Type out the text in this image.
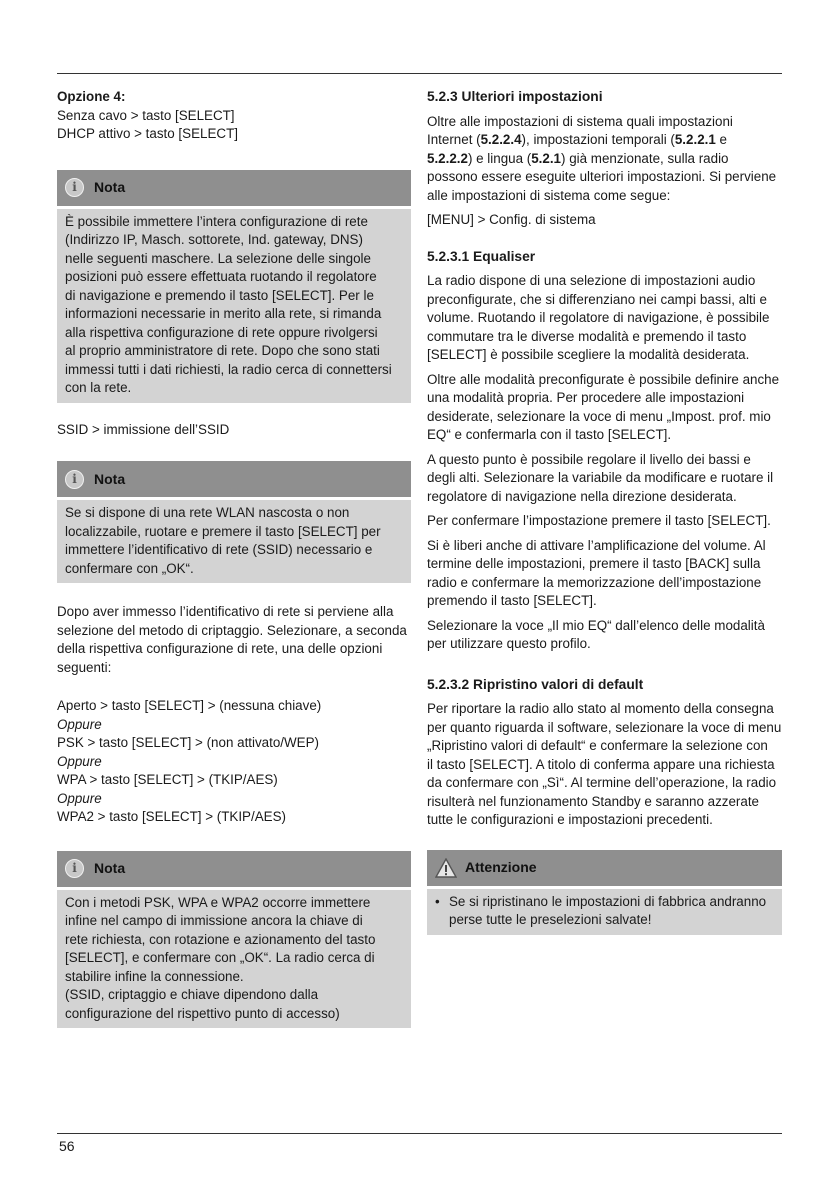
Opzione 4:

Senza cavo > tasto [SELECT]

DHCP attivo > tasto [SELECT]

i	Nota

È possibile immettere l’intera configurazione di rete

(Indirizzo IP, Masch. sottorete, Ind. gateway, DNS)

nelle seguenti maschere. La selezione delle singole

posizioni può essere effettuata ruotando il regolatore

di navigazione e premendo il tasto [SELECT]. Per le

informazioni necessarie in merito alla rete, si rimanda

alla rispettiva configurazione di rete oppure rivolgersi

al proprio amministratore di rete. Dopo che sono stati

immessi tutti i dati richiesti, la radio cerca di connettersi

con la rete.

SSID > immissione dell’SSID

i	Nota

Se si dispone di una rete WLAN nascosta o non

localizzabile, ruotare e premere il tasto [SELECT] per

immettere l’identificativo di rete (SSID) necessario e

confermare con „OK“.

Dopo aver immesso l’identificativo di rete si perviene alla

selezione del metodo di criptaggio. Selezionare, a seconda

della rispettiva configurazione di rete, una delle opzioni

seguenti:

Aperto > tasto [SELECT] > (nessuna chiave)

Oppure

PSK > tasto [SELECT] > (non attivato/WEP)

Oppure

WPA > tasto [SELECT] > (TKIP/AES)

Oppure

WPA2 > tasto [SELECT] > (TKIP/AES)

i	Nota

Con i metodi PSK, WPA e WPA2 occorre immettere

infine nel campo di immissione ancora la chiave di

rete richiesta, con rotazione e azionamento del tasto

[SELECT], e confermare con „OK“. La radio cerca di

stabilire infine la connessione.

(SSID, criptaggio e chiave dipendono dalla

configurazione del rispettivo punto di accesso)

5.2.3 Ulteriori impostazioni

Oltre alle impostazioni di sistema quali impostazioni

Internet (5.2.2.4), impostazioni temporali (5.2.2.1 e

5.2.2.2) e lingua (5.2.1) già menzionate, sulla radio

possono essere eseguite ulteriori impostazioni. Si perviene

alle impostazioni di sistema come segue:

[MENU] > Config. di sistema

5.2.3.1 Equaliser

La radio dispone di una selezione di impostazioni audio

preconfigurate, che si differenziano nei campi bassi, alti e

volume. Ruotando il regolatore di navigazione, è possibile

commutare tra le diverse modalità e premendo il tasto

[SELECT] è possibile scegliere la modalità desiderata.

Oltre alle modalità preconfigurate è possibile definire anche

una modalità propria. Per procedere alle impostazioni

desiderate, selezionare la voce di menu „Impost. prof. mio

EQ“ e confermarla con il tasto [SELECT].

A questo punto è possibile regolare il livello dei bassi e

degli alti. Selezionare la variabile da modificare e ruotare il

regolatore di navigazione nella direzione desiderata.

Per confermare l’impostazione premere il tasto [SELECT].

Si è liberi anche di attivare l’amplificazione del volume. Al

termine delle impostazioni, premere il tasto [BACK] sulla

radio e confermare la memorizzazione dell’impostazione

premendo il tasto [SELECT].

Selezionare la voce „Il mio EQ“ dall’elenco delle modalità

per utilizzare questo profilo.

5.2.3.2 Ripristino valori di default

Per riportare la radio allo stato al momento della consegna

per quanto riguarda il software, selezionare la voce di menu

„Ripristino valori di default“ e confermare la selezione con

il tasto [SELECT]. A titolo di conferma appare una richiesta

da confermare con „Sì“. Al termine dell’operazione, la radio

risulterà nel funzionamento Standby e saranno azzerate

tutte le configurazioni e impostazioni precedenti.

Attenzione
• Se si ripristinano le impostazioni di fabbrica andranno

perse tutte le preselezioni salvate!

56
